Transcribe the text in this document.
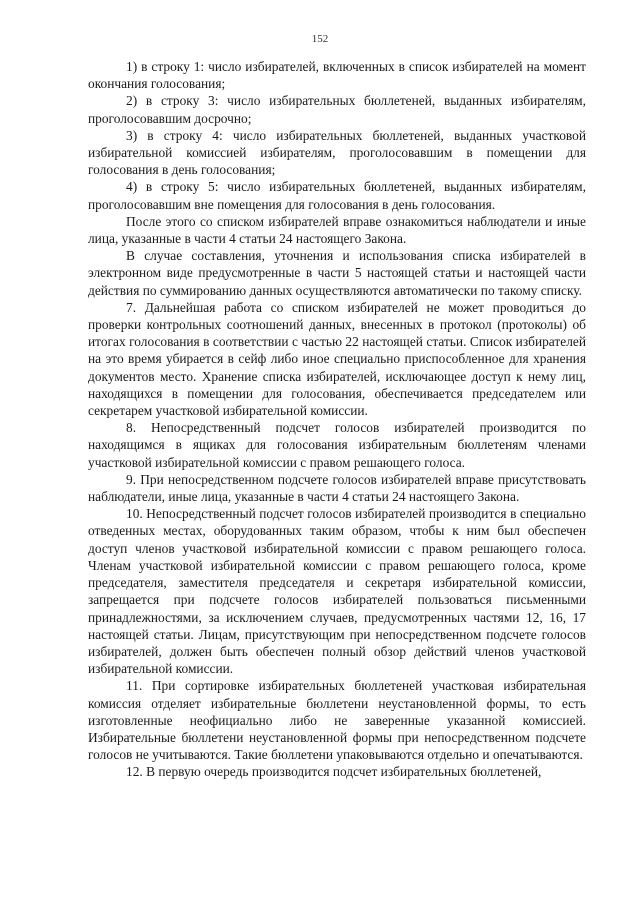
152

1) в строку 1: число избирателей, включенных в список избирателей на момент окончания голосования;

2) в строку 3: число избирательных бюллетеней, выданных избирателям, проголосовавшим досрочно;

3) в строку 4: число избирательных бюллетеней, выданных участковой избирательной комиссией избирателям, проголосовавшим в помещении для голосования в день голосования;

4) в строку 5: число избирательных бюллетеней, выданных избирателям, проголосовавшим вне помещения для голосования в день голосования.

После этого со списком избирателей вправе ознакомиться наблюдатели и иные лица, указанные в части 4 статьи 24 настоящего Закона.

В случае составления, уточнения и использования списка избирателей в электронном виде предусмотренные в части 5 настоящей статьи и настоящей части действия по суммированию данных осуществляются автоматически по такому списку.

7. Дальнейшая работа со списком избирателей не может проводиться до проверки контрольных соотношений данных, внесенных в протокол (протоколы) об итогах голосования в соответствии с частью 22 настоящей статьи. Список избирателей на это время убирается в сейф либо иное специально приспособленное для хранения документов место. Хранение списка избирателей, исключающее доступ к нему лиц, находящихся в помещении для голосования, обеспечивается председателем или секретарем участковой избирательной комиссии.

8. Непосредственный подсчет голосов избирателей производится по находящимся в ящиках для голосования избирательным бюллетеням членами участковой избирательной комиссии с правом решающего голоса.

9. При непосредственном подсчете голосов избирателей вправе присутствовать наблюдатели, иные лица, указанные в части 4 статьи 24 настоящего Закона.

10. Непосредственный подсчет голосов избирателей производится в специально отведенных местах, оборудованных таким образом, чтобы к ним был обеспечен доступ членов участковой избирательной комиссии с правом решающего голоса. Членам участковой избирательной комиссии с правом решающего голоса, кроме председателя, заместителя председателя и секретаря избирательной комиссии, запрещается при подсчете голосов избирателей пользоваться письменными принадлежностями, за исключением случаев, предусмотренных частями 12, 16, 17 настоящей статьи. Лицам, присутствующим при непосредственном подсчете голосов избирателей, должен быть обеспечен полный обзор действий членов участковой избирательной комиссии.

11. При сортировке избирательных бюллетеней участковая избирательная комиссия отделяет избирательные бюллетени неустановленной формы, то есть изготовленные неофициально либо не заверенные указанной комиссией. Избирательные бюллетени неустановленной формы при непосредственном подсчете голосов не учитываются. Такие бюллетени упаковываются отдельно и опечатываются.

12. В первую очередь производится подсчет избирательных бюллетеней,
